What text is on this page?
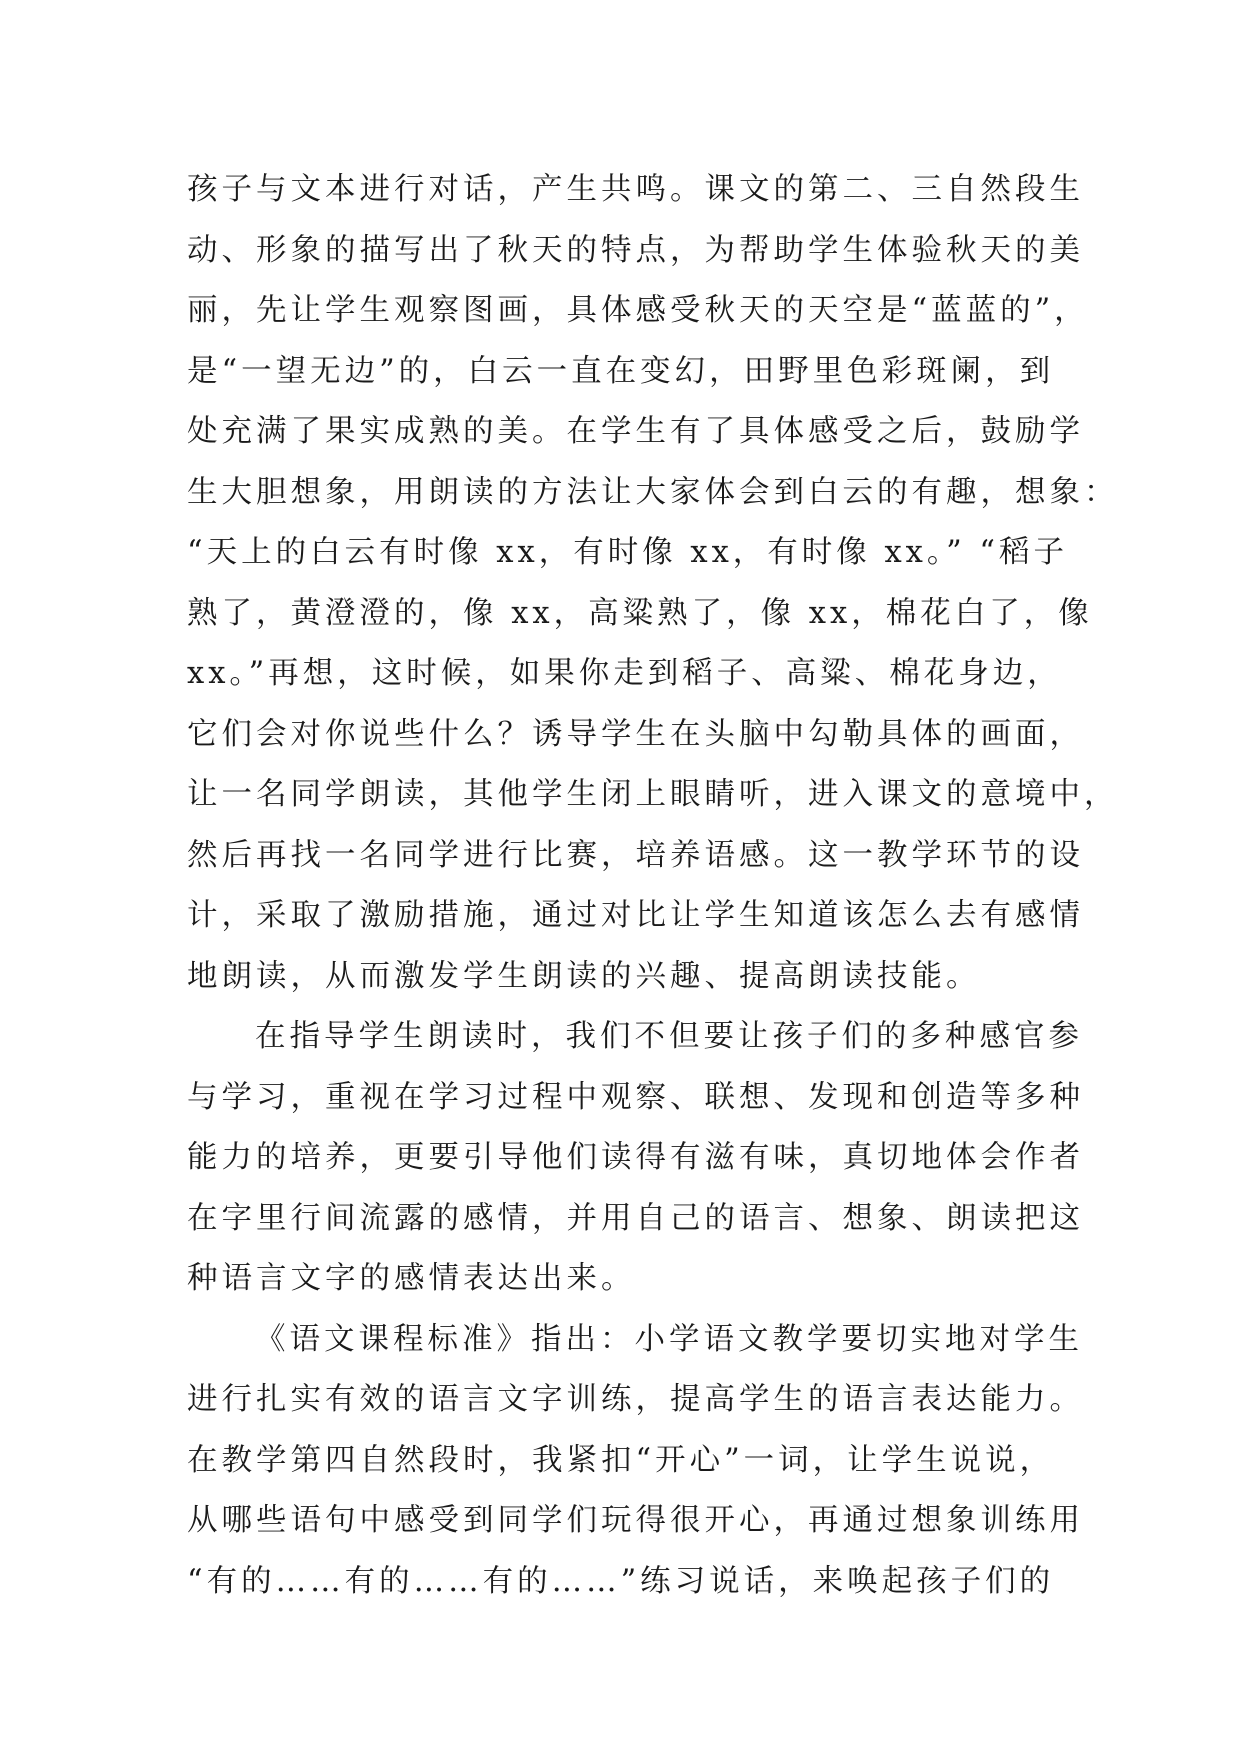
孩子与文本进行对话，产生共鸣。课文的第二、三自然段生
动、形象的描写出了秋天的特点，为帮助学生体验秋天的美
丽，先让学生观察图画，具体感受秋天的天空是“蓝蓝的”，
是“一望无边”的，白云一直在变幻，田野里色彩斑阑，到
处充满了果实成熟的美。在学生有了具体感受之后，鼓励学
生大胆想象，用朗读的方法让大家体会到白云的有趣，想象：
“天上的白云有时像 xx，有时像 xx，有时像 xx。” “稻子
熟了，黄澄澄的，像 xx，高粱熟了，像 xx，棉花白了，像
xx。”再想，这时候，如果你走到稻子、高粱、棉花身边，
它们会对你说些什么？诱导学生在头脑中勾勒具体的画面，
让一名同学朗读，其他学生闭上眼睛听，进入课文的意境中，
然后再找一名同学进行比赛，培养语感。这一教学环节的设
计，采取了激励措施，通过对比让学生知道该怎么去有感情
地朗读，从而激发学生朗读的兴趣、提高朗读技能。
在指导学生朗读时，我们不但要让孩子们的多种感官参
与学习，重视在学习过程中观察、联想、发现和创造等多种
能力的培养，更要引导他们读得有滋有味，真切地体会作者
在字里行间流露的感情，并用自己的语言、想象、朗读把这
种语言文字的感情表达出来。
《语文课程标准》指出：小学语文教学要切实地对学生
进行扎实有效的语言文字训练，提高学生的语言表达能力。
在教学第四自然段时，我紧扣“开心”一词，让学生说说，
从哪些语句中感受到同学们玩得很开心，再通过想象训练用
“有的……有的……有的……”练习说话，来唤起孩子们的
